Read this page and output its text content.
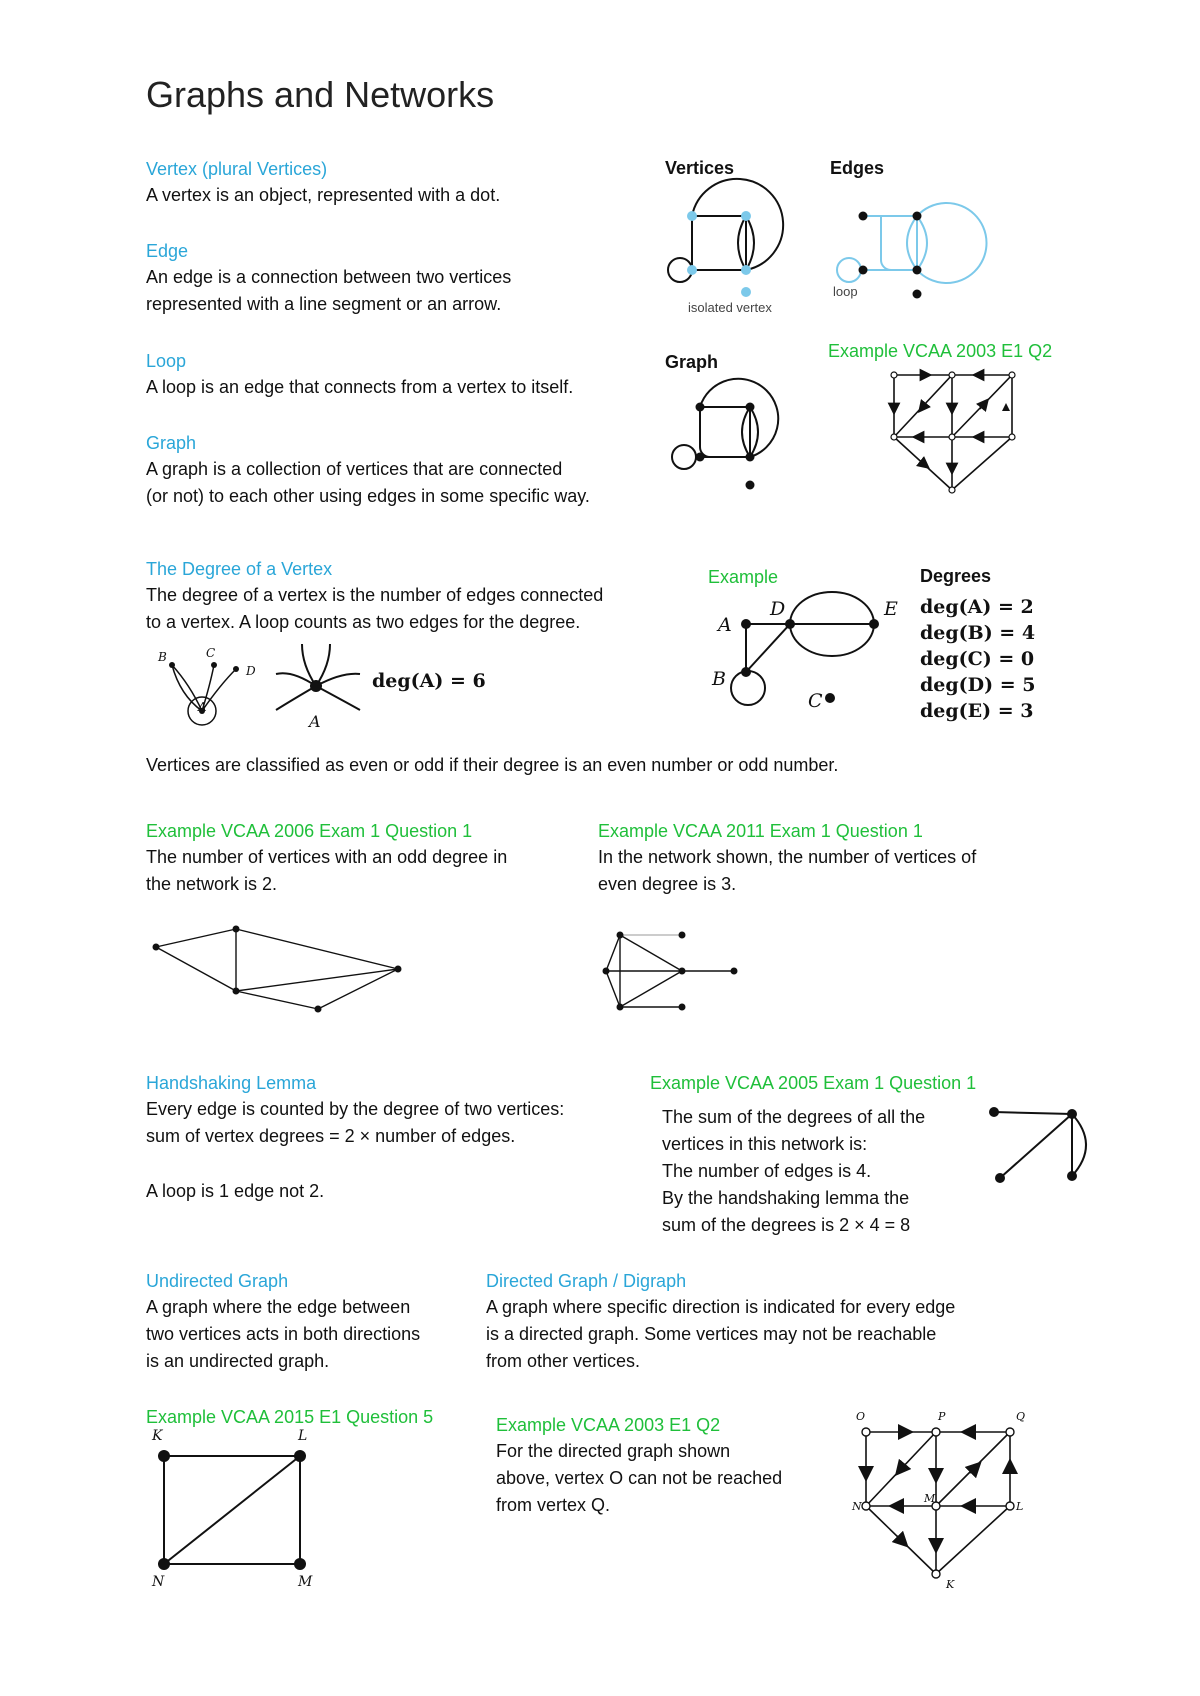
Graphs and Networks
Vertex (plural Vertices)
A vertex is an object, represented with a dot.
Edge
An edge is a connection between two vertices
represented with a line segment or an arrow.
Loop
A loop is an edge that connects from a vertex to itself.
Graph
A graph is a collection of vertices that are connected
(or not) to each other using edges in some specific way.
Vertices
isolated vertex
Edges
loop
Graph
Example VCAA 2003 E1 Q2
The Degree of a Vertex
The degree of a vertex is the number of edges connected
to a vertex. A loop counts as two edges for the degree.
B	C
D
A
A
deg(A) = 6
Example
A
B
C
D	E
Degrees
deg(A) = 2
deg(B) = 4
deg(C) = 0
deg(D) = 5
deg(E) = 3
Vertices are classified as even or odd if their degree is an even number or odd number.
Example VCAA 2006 Exam 1 Question 1
The number of vertices with an odd degree in
the network is 2.
Example VCAA 2011 Exam 1 Question 1
In the network shown, the number of vertices of
even degree is 3.
Handshaking Lemma
Every edge is counted by the degree of two vertices:
sum of vertex degrees = 2 × number of edges.
A loop is 1 edge not 2.
Example VCAA 2005 Exam 1 Question 1
The sum of the degrees of all the
vertices in this network is:
The number of edges is 4.
By the handshaking lemma the
sum of the degrees is 2 × 4 = 8
Undirected Graph
A graph where the edge between
two vertices acts in both directions
is an undirected graph.
Directed Graph / Digraph
A graph where specific direction is indicated for every edge
is a directed graph. Some vertices may not be reachable
from other vertices.
Example VCAA 2015 E1 Question 5
K	L
N	M
Example VCAA 2003 E1 Q2
For the directed graph shown
above, vertex O can not be reached
from vertex Q.
O	P	Q
N
M
L
K
